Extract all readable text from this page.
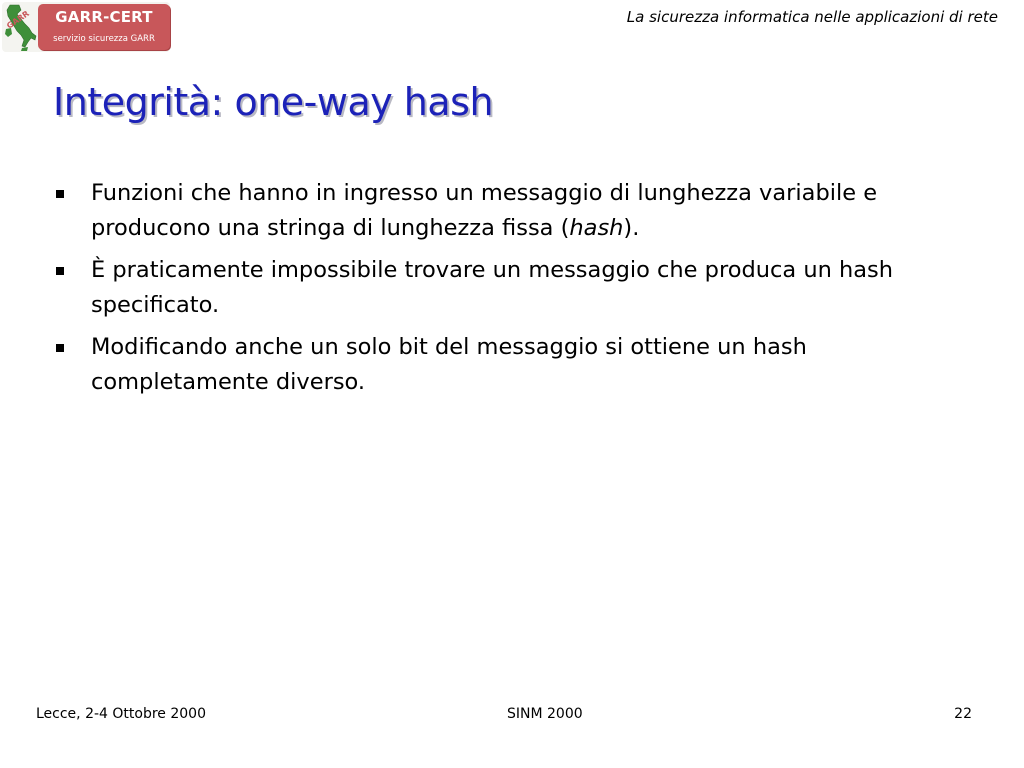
GARR	GARR-CERT
servizio sicurezza GARR
La sicurezza informatica nelle applicazioni di rete
Integrità: one-way hash
Funzioni che hanno in ingresso un messaggio di lunghezza variabile e producono una stringa di lunghezza fissa (hash).
È praticamente impossibile trovare un messaggio che produca un hash specificato.
Modificando anche un solo bit del messaggio si ottiene un hash completamente diverso.
Lecce, 2-4 Ottobre 2000	SINM 2000	22
